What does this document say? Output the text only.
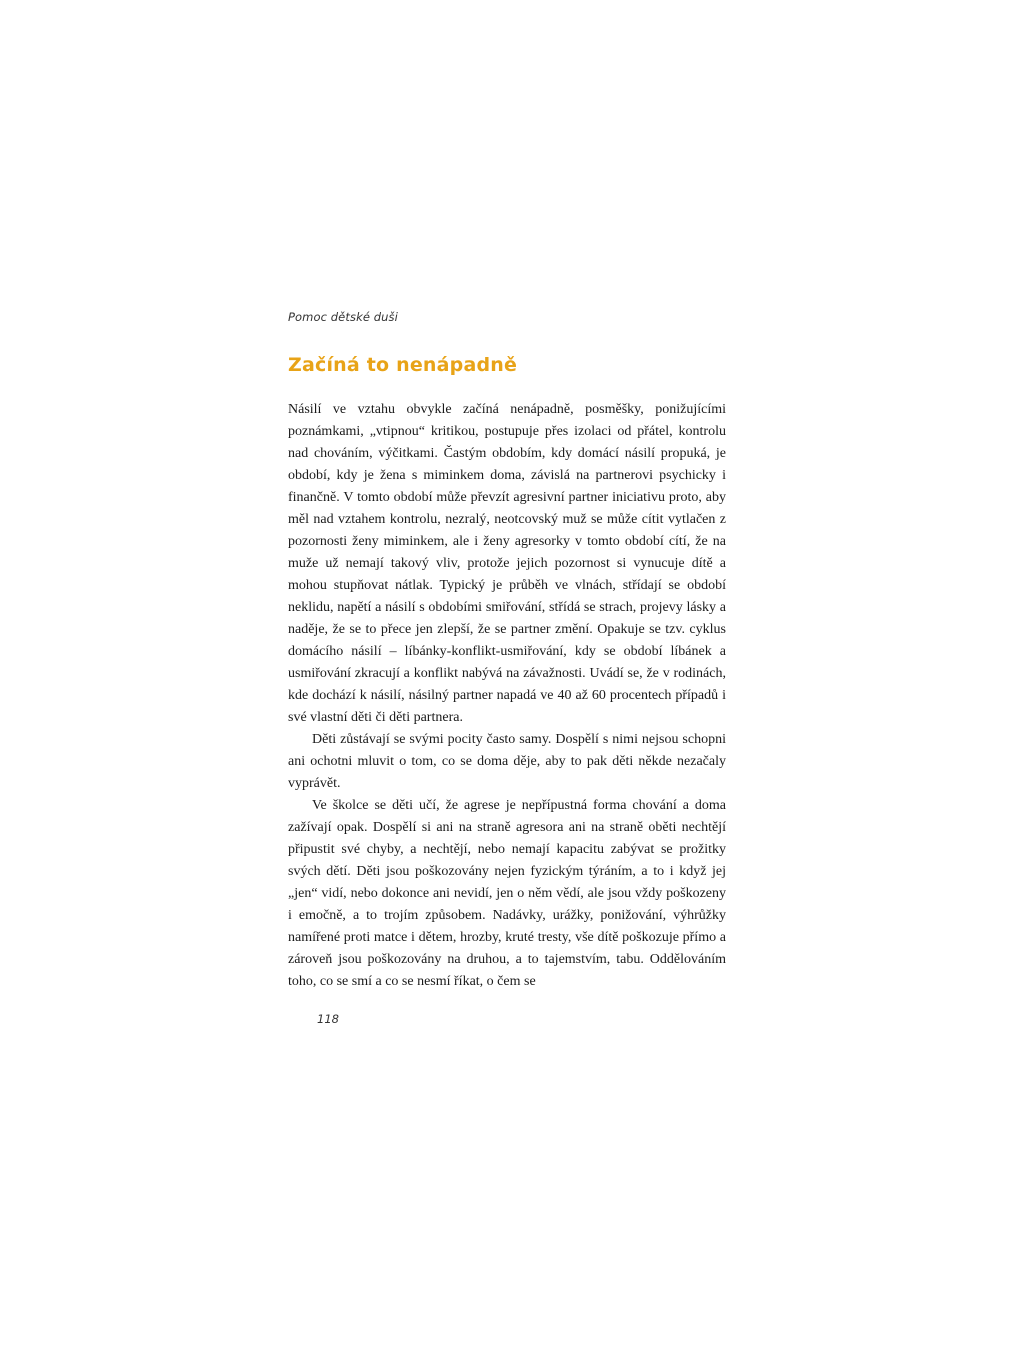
Pomoc dětské duši

Začíná to nenápadně

Násilí ve vztahu obvykle začíná nenápadně, posměšky, ponižujícími poznámkami, „vtipnou“ kritikou, postupuje přes izolaci od přátel, kontrolu nad chováním, výčitkami. Častým obdobím, kdy domácí násilí propuká, je období, kdy je žena s miminkem doma, závislá na partnerovi psychicky i finančně. V tomto období může převzít agresivní partner iniciativu proto, aby měl nad vztahem kontrolu, nezralý, neotcovský muž se může cítit vytlačen z pozornosti ženy miminkem, ale i ženy agresorky v tomto období cítí, že na muže už nemají takový vliv, protože jejich pozornost si vynucuje dítě a mohou stupňovat nátlak. Typický je průběh ve vlnách, střídají se období neklidu, napětí a násilí s obdobími smiřování, střídá se strach, projevy lásky a naděje, že se to přece jen zlepší, že se partner změní. Opakuje se tzv. cyklus domácího násilí – líbánky-konflikt-usmiřování, kdy se období líbánek a usmiřování zkracují a konflikt nabývá na závažnosti. Uvádí se, že v rodinách, kde dochází k násilí, násilný partner napadá ve 40 až 60 procentech případů i své vlastní děti či děti partnera.

Děti zůstávají se svými pocity často samy. Dospělí s nimi nejsou schopni ani ochotni mluvit o tom, co se doma děje, aby to pak děti někde nezačaly vyprávět.

Ve školce se děti učí, že agrese je nepřípustná forma chování a doma zažívají opak. Dospělí si ani na straně agresora ani na straně oběti nechtějí připustit své chyby, a nechtějí, nebo nemají kapacitu zabývat se prožitky svých dětí. Děti jsou poškozovány nejen fyzickým týráním, a to i když jej „jen“ vidí, nebo dokonce ani nevidí, jen o něm vědí, ale jsou vždy poškozeny i emočně, a to trojím způsobem. Nadávky, urážky, ponižování, výhrůžky namířené proti matce i dětem, hrozby, kruté tresty, vše dítě poškozuje přímo a zároveň jsou poškozovány na druhou, a to tajemstvím, tabu. Oddělováním toho, co se smí a co se nesmí říkat, o čem se

118
